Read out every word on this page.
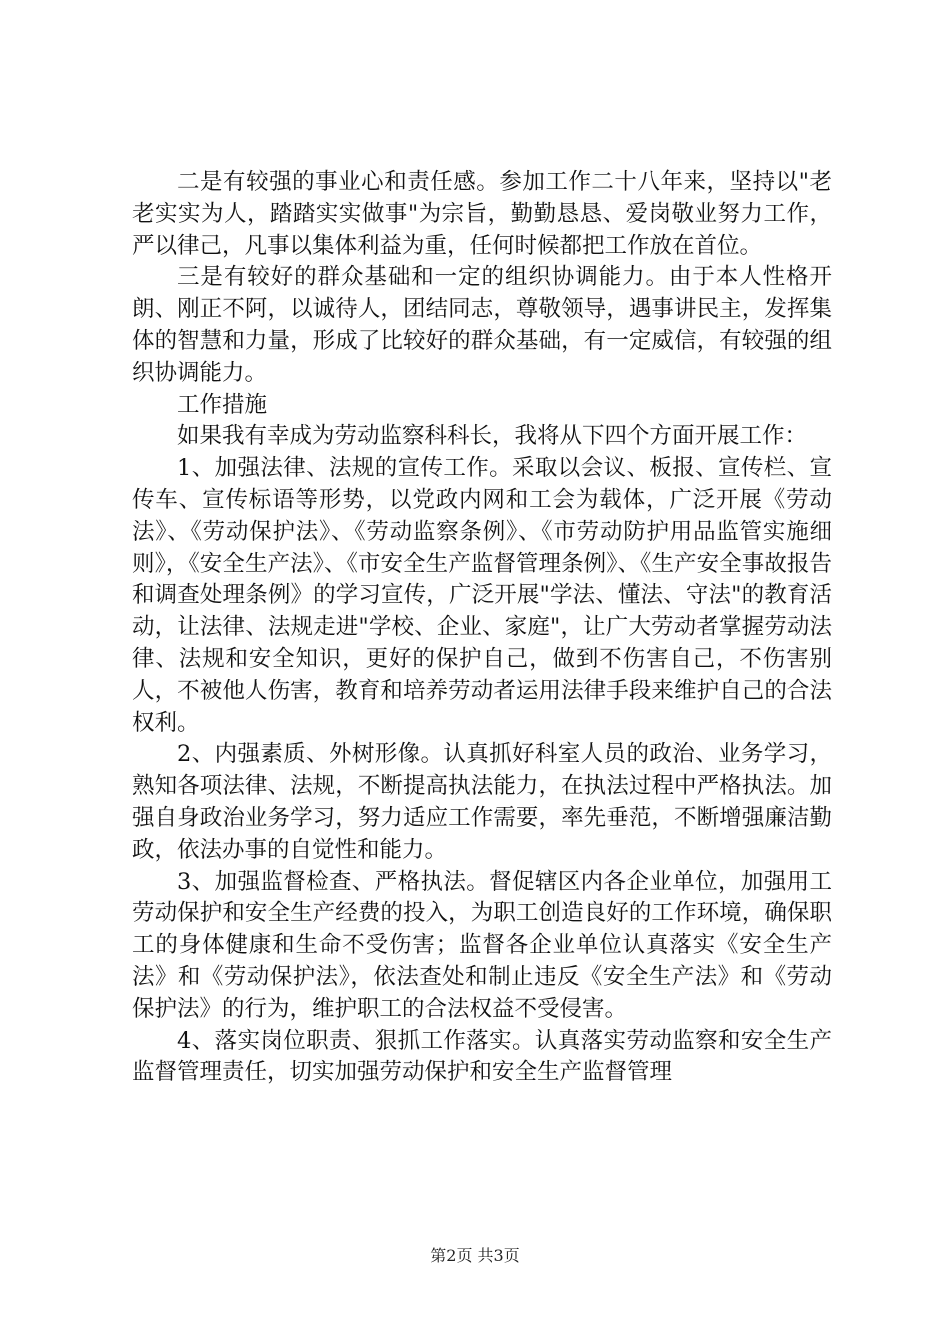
二是有较强的事业心和责任感。参加工作二十八年来，坚持以"老老实实为人，踏踏实实做事"为宗旨，勤勤恳恳、爱岗敬业努力工作，严以律己，凡事以集体利益为重，任何时候都把工作放在首位。

三是有较好的群众基础和一定的组织协调能力。由于本人性格开朗、刚正不阿，以诚待人，团结同志，尊敬领导，遇事讲民主，发挥集体的智慧和力量，形成了比较好的群众基础，有一定威信，有较强的组织协调能力。

工作措施

如果我有幸成为劳动监察科科长，我将从下四个方面开展工作：

1、加强法律、法规的宣传工作。采取以会议、板报、宣传栏、宣传车、宣传标语等形势，以党政内网和工会为载体，广泛开展《劳动法》、《劳动保护法》、《劳动监察条例》、《市劳动防护用品监管实施细则》，《安全生产法》、《市安全生产监督管理条例》、《生产安全事故报告和调查处理条例》的学习宣传，广泛开展"学法、懂法、守法"的教育活动，让法律、法规走进"学校、企业、家庭"，让广大劳动者掌握劳动法律、法规和安全知识，更好的保护自己，做到不伤害自己，不伤害别人，不被他人伤害，教育和培养劳动者运用法律手段来维护自己的合法权利。

2、内强素质、外树形像。认真抓好科室人员的政治、业务学习，熟知各项法律、法规，不断提高执法能力，在执法过程中严格执法。加强自身政治业务学习，努力适应工作需要，率先垂范，不断增强廉洁勤政，依法办事的自觉性和能力。

3、加强监督检查、严格执法。督促辖区内各企业单位，加强用工劳动保护和安全生产经费的投入，为职工创造良好的工作环境，确保职工的身体健康和生命不受伤害；监督各企业单位认真落实《安全生产法》和《劳动保护法》，依法查处和制止违反《安全生产法》和《劳动保护法》的行为，维护职工的合法权益不受侵害。

4、落实岗位职责、狠抓工作落实。认真落实劳动监察和安全生产监督管理责任，切实加强劳动保护和安全生产监督管理

第2页 共3页
